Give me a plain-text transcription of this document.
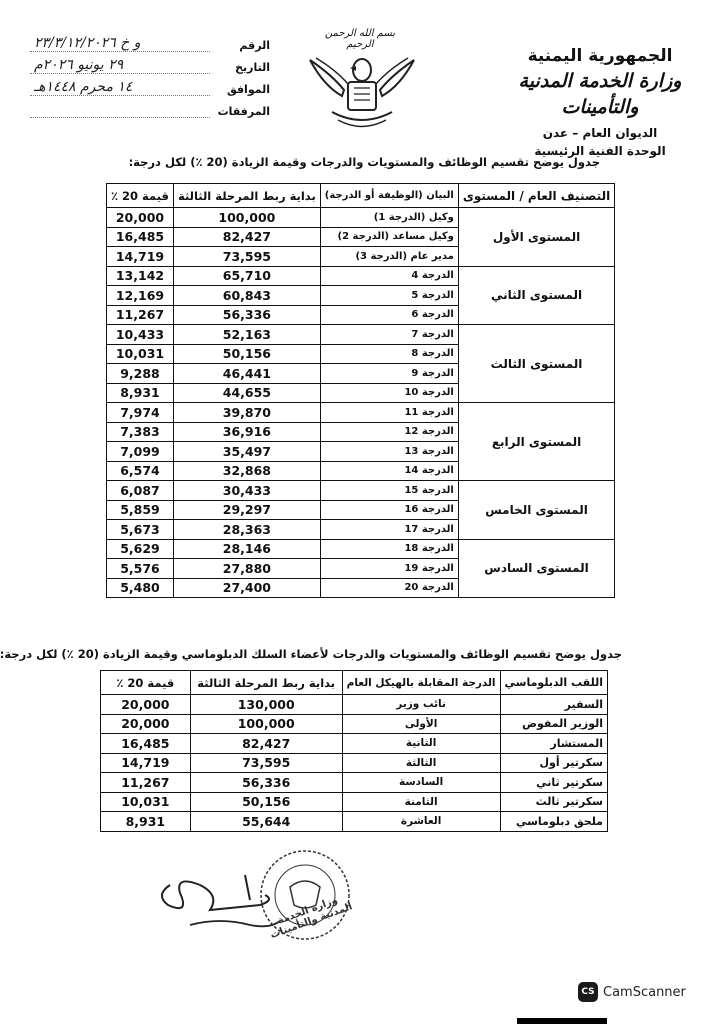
الجمهورية اليمنية
وزارة الخدمة المدنية والتأمينات
الديوان العام – عدن
الوحدة الفنية الرئيسية
بسم الله الرحمن الرحيم
الرقم
و خ ٢٣/٣/١٢/٢٠٢٦
التاريخ
٢٩ يونيو ٢٠٢٦م
الموافق
١٤ محرم ١٤٤٨هـ
المرفقات
جدول يوضح تقسيم الوظائف والمستويات والدرجات وقيمة الزيادة (20 ٪) لكل درجة:
التصنيف العام / المستوى	البيان (الوظيفة أو الدرجة)	بداية ربط المرحلة الثالثة	قيمة 20 ٪
المستوى الأول	وكيل (الدرجة 1)	100,000	20,000
	وكيل مساعد (الدرجة 2)	82,427	16,485
	مدير عام (الدرجة 3)	73,595	14,719
المستوى الثاني	الدرجة 4	65,710	13,142
	الدرجة 5	60,843	12,169
	الدرجة 6	56,336	11,267
المستوى الثالث	الدرجة 7	52,163	10,433
	الدرجة 8	50,156	10,031
	الدرجة 9	46,441	9,288
	الدرجة 10	44,655	8,931
المستوى الرابع	الدرجة 11	39,870	7,974
	الدرجة 12	36,916	7,383
	الدرجة 13	35,497	7,099
	الدرجة 14	32,868	6,574
المستوى الخامس	الدرجة 15	30,433	6,087
	الدرجة 16	29,297	5,859
	الدرجة 17	28,363	5,673
المستوى السادس	الدرجة 18	28,146	5,629
	الدرجة 19	27,880	5,576
	الدرجة 20	27,400	5,480
جدول يوضح تقسيم الوظائف والمستويات والدرجات لأعضاء السلك الدبلوماسي وقيمة الزيادة (20 ٪) لكل درجة:
اللقب الدبلوماسي	الدرجة المقابلة بالهيكل العام	بداية ربط المرحلة الثالثة	قيمة 20 ٪
السفير	نائب وزير	130,000	20,000
الوزير المفوض	الأولى	100,000	20,000
المستشار	الثانية	82,427	16,485
سكرتير أول	الثالثة	73,595	14,719
سكرتير ثاني	السادسة	56,336	11,267
سكرتير ثالث	الثامنة	50,156	10,031
ملحق دبلوماسي	العاشرة	55,644	8,931
وزارة الخدمة المدنية والتأمينات
CS CamScanner
